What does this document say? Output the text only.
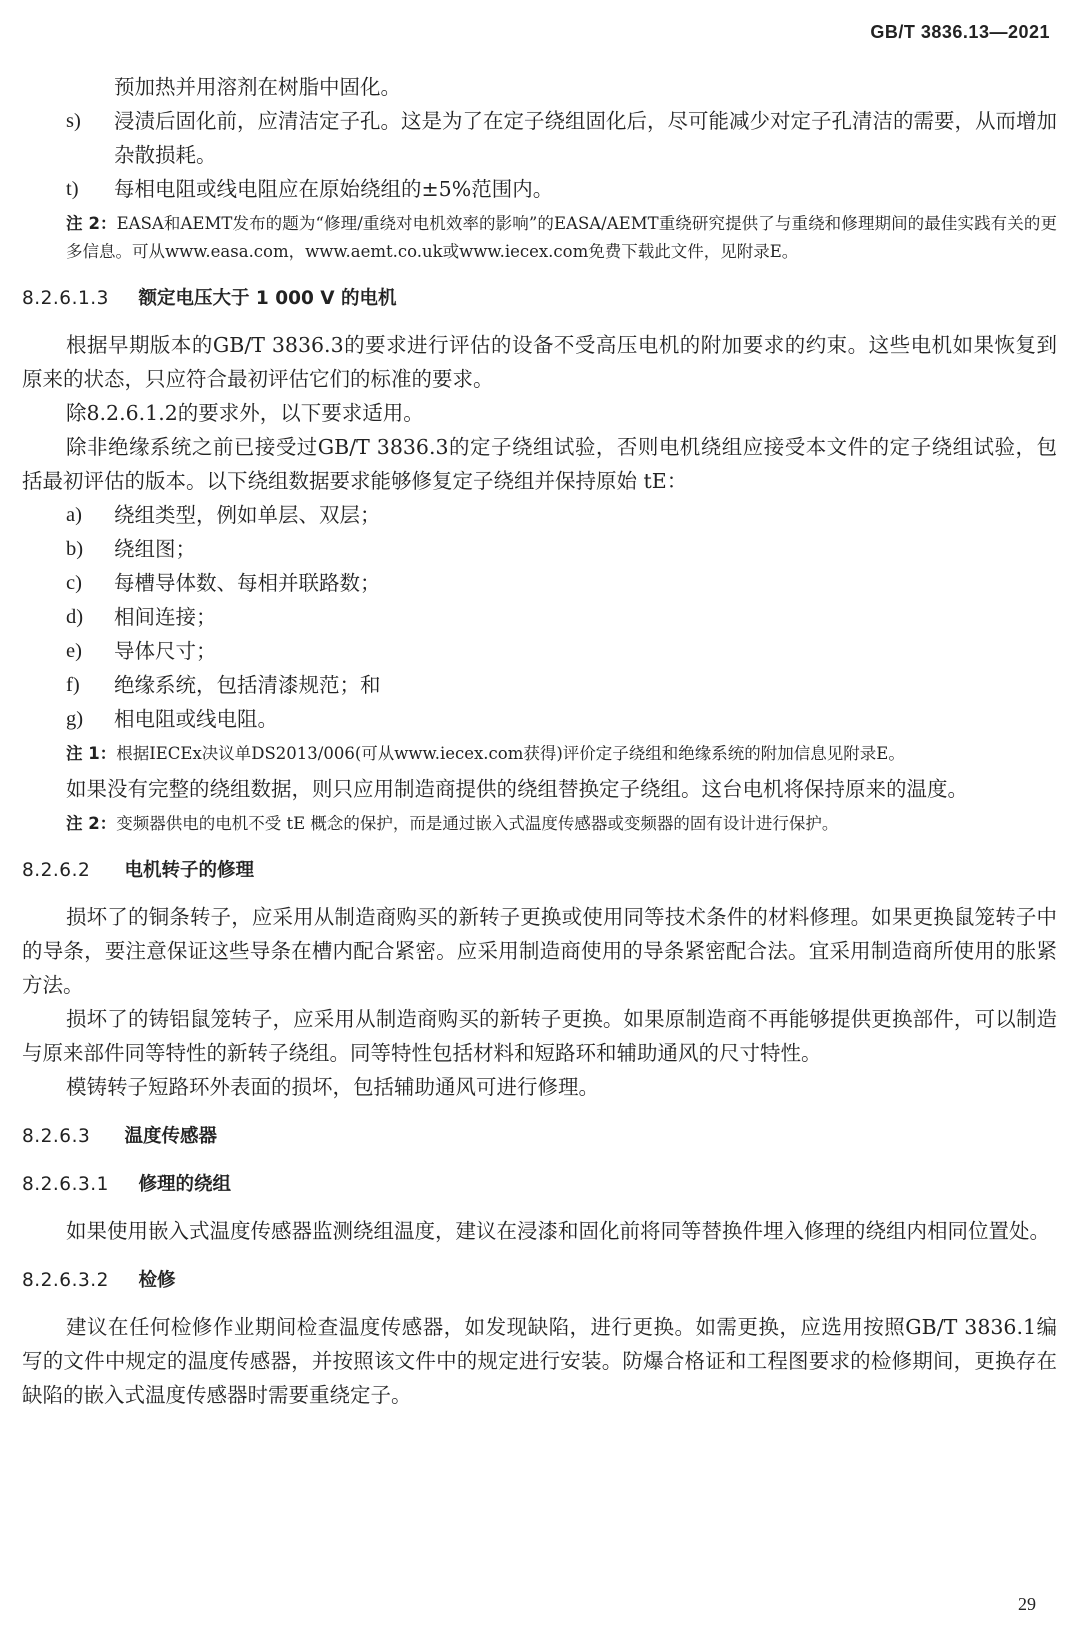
GB/T 3836.13—2021

预加热并用溶剂在树脂中固化。

s) 浸渍后固化前，应清洁定子孔。这是为了在定子绕组固化后，尽可能减少对定子孔清洁的需要，从而增加杂散损耗。
t) 每相电阻或线电阻应在原始绕组的±5%范围内。
注 2：EASA和AEMT发布的题为“修理/重绕对电机效率的影响”的EASA/AEMT重绕研究提供了与重绕和修理期间的最佳实践有关的更多信息。可从www.easa.com，www.aemt.co.uk或www.iecex.com免费下载此文件，见附录E。
8.2.6.1.3 额定电压大于 1 000 V 的电机

根据早期版本的GB/T 3836.3的要求进行评估的设备不受高压电机的附加要求的约束。这些电机如果恢复到原来的状态，只应符合最初评估它们的标准的要求。

除8.2.6.1.2的要求外，以下要求适用。

除非绝缘系统之前已接受过GB/T 3836.3的定子绕组试验，否则电机绕组应接受本文件的定子绕组试验，包括最初评估的版本。以下绕组数据要求能够修复定子绕组并保持原始 tE：

a) 绕组类型，例如单层、双层；
b) 绕组图；
c) 每槽导体数、每相并联路数；
d) 相间连接；
e) 导体尺寸；
f) 绝缘系统，包括清漆规范；和
g) 相电阻或线电阻。
注 1：根据IECEx决议单DS2013/006(可从www.iecex.com获得)评价定子绕组和绝缘系统的附加信息见附录E。

如果没有完整的绕组数据，则只应用制造商提供的绕组替换定子绕组。这台电机将保持原来的温度。

注 2：变频器供电的电机不受 tE 概念的保护，而是通过嵌入式温度传感器或变频器的固有设计进行保护。
8.2.6.2 电机转子的修理

损坏了的铜条转子，应采用从制造商购买的新转子更换或使用同等技术条件的材料修理。如果更换鼠笼转子中的导条，要注意保证这些导条在槽内配合紧密。应采用制造商使用的导条紧密配合法。宜采用制造商所使用的胀紧方法。

损坏了的铸铝鼠笼转子，应采用从制造商购买的新转子更换。如果原制造商不再能够提供更换部件，可以制造与原来部件同等特性的新转子绕组。同等特性包括材料和短路环和辅助通风的尺寸特性。

模铸转子短路环外表面的损坏，包括辅助通风可进行修理。

8.2.6.3 温度传感器
8.2.6.3.1 修理的绕组

如果使用嵌入式温度传感器监测绕组温度，建议在浸漆和固化前将同等替换件埋入修理的绕组内相同位置处。

8.2.6.3.2 检修

建议在任何检修作业期间检查温度传感器，如发现缺陷，进行更换。如需更换，应选用按照GB/T 3836.1编写的文件中规定的温度传感器，并按照该文件中的规定进行安装。防爆合格证和工程图要求的检修期间，更换存在缺陷的嵌入式温度传感器时需要重绕定子。

29
